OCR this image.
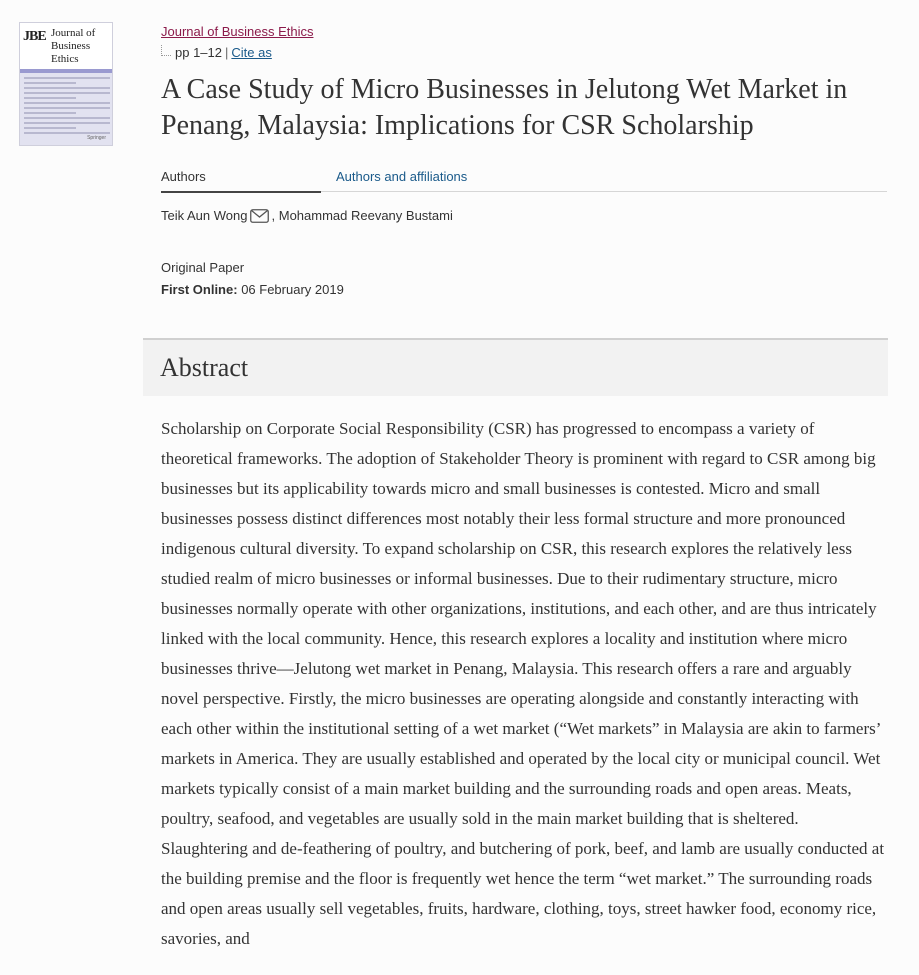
JBE Journal of Business Ethics
Springer
Journal of Business Ethics
pp 1–12 | Cite as
A Case Study of Micro Businesses in Jelutong Wet Market in Penang, Malaysia: Implications for CSR Scholarship
Authors	Authors and affiliations
Teik Aun Wong , Mohammad Reevany Bustami
Original Paper
First Online: 06 February 2019
Abstract

Scholarship on Corporate Social Responsibility (CSR) has progressed to encompass a variety of theoretical frameworks. The adoption of Stakeholder Theory is prominent with regard to CSR among big businesses but its applicability towards micro and small businesses is contested. Micro and small businesses possess distinct differences most notably their less formal structure and more pronounced indigenous cultural diversity. To expand scholarship on CSR, this research explores the relatively less studied realm of micro businesses or informal businesses. Due to their rudimentary structure, micro businesses normally operate with other organizations, institutions, and each other, and are thus intricately linked with the local community. Hence, this research explores a locality and institution where micro businesses thrive—Jelutong wet market in Penang, Malaysia. This research offers a rare and arguably novel perspective. Firstly, the micro businesses are operating alongside and constantly interacting with each other within the institutional setting of a wet market (“Wet markets” in Malaysia are akin to farmers’ markets in America. They are usually established and operated by the local city or municipal council. Wet markets typically consist of a main market building and the surrounding roads and open areas. Meats, poultry, seafood, and vegetables are usually sold in the main market building that is sheltered. Slaughtering and de-feathering of poultry, and butchering of pork, beef, and lamb are usually conducted at the building premise and the floor is frequently wet hence the term “wet market.” The surrounding roads and open areas usually sell vegetables, fruits, hardware, clothing, toys, street hawker food, economy rice, savories, and
